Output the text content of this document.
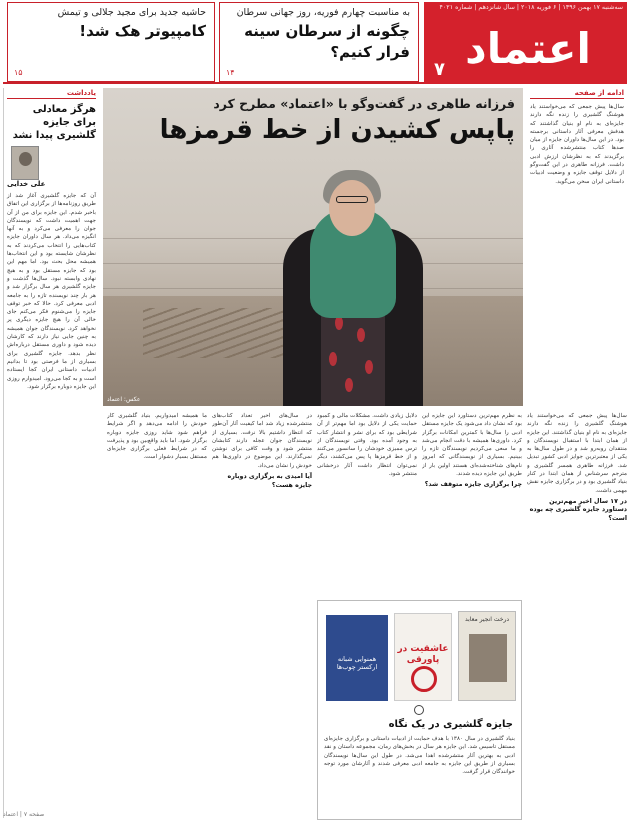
سه‌شنبه ۱۷ بهمن ۱۳۹۶ | ۶ فوریه ۲۰۱۸ | سال شانزدهم | شماره ۴۰۲۱
اعتماد
۷
به مناسبت چهارم فوریه، روز جهانی سرطان
چگونه از سرطان سینه فرار کنیم؟
۱۴
حاشیه جدید برای مجید جلالی و تیمش
کامپیوتر هک شد!
۱۵
یادداشت
هرگز معادلی برای جایزه گلشیری پیدا نشد
علی خدایی
آن که جایزه گلشیری آغاز شد از طریق روزنامه‌ها از برگزاری این اتفاق باخبر شدم. این جایزه برای من از آن جهت اهمیت داشت که نویسندگان جوان را معرفی می‌کرد و به آنها انگیزه می‌داد. هر سال داوران جایزه کتاب‌هایی را انتخاب می‌کردند که به نظرشان شایسته بود و این انتخاب‌ها همیشه محل بحث بود. اما مهم این بود که جایزه مستقل بود و به هیچ نهادی وابسته نبود. سال‌ها گذشت و جایزه گلشیری هر سال برگزار شد و هر بار چند نویسنده تازه را به جامعه ادبی معرفی کرد. حالا که خبر توقف جایزه را می‌شنوم فکر می‌کنم جای خالی آن را هیچ جایزه دیگری پر نخواهد کرد. نویسندگان جوان همیشه به چنین جایی نیاز دارند که کارشان دیده شود و داوری مستقل درباره‌اش نظر بدهد. جایزه گلشیری برای بسیاری از ما فرصتی بود تا بدانیم ادبیات داستانی ایران کجا ایستاده است و به کجا می‌رود. امیدوارم روزی این جایزه دوباره برگزار شود.
فرزانه طاهری در گفت‌وگو با «اعتماد» مطرح کرد
پاپس کشیدن از خط قرمزها
عکس: اعتماد
ادامه از صفحه
سال‌ها پیش جمعی که می‌خواستند یاد هوشنگ گلشیری را زنده نگه دارند جایزه‌ای به نام او بنیان گذاشتند که هدفش معرفی آثار داستانی برجسته بود. در این سال‌ها داوران جایزه از میان صدها کتاب منتشرشده آثاری را برگزیدند که به نظرشان ارزش ادبی داشت. فرزانه طاهری در این گفت‌وگو از دلایل توقف جایزه و وضعیت ادبیات داستانی ایران سخن می‌گوید.
سال‌ها پیش جمعی که می‌خواستند یاد هوشنگ گلشیری را زنده نگه دارند جایزه‌ای به نام او بنیان گذاشتند. این جایزه از همان ابتدا با استقبال نویسندگان و منتقدان روبه‌رو شد و در طول سال‌ها به یکی از معتبرترین جوایز ادبی کشور تبدیل شد. فرزانه طاهری همسر گلشیری و مترجم سرشناس از همان ابتدا در کنار بنیاد گلشیری بود و در برگزاری جایزه نقش مهمی داشت.
در ۱۷ سال اخیر مهم‌ترین دستاورد جایزه گلشیری چه بوده است؟
به نظرم مهم‌ترین دستاورد این جایزه این بود که نشان داد می‌شود یک جایزه مستقل ادبی را سال‌ها با کمترین امکانات برگزار کرد. داوری‌ها همیشه با دقت انجام می‌شد و ما سعی می‌کردیم نویسندگان تازه را ببینیم. بسیاری از نویسندگانی که امروز نام‌های شناخته‌شده‌ای هستند اولین بار از طریق این جایزه دیده شدند.
چرا برگزاری جایزه متوقف شد؟
دلایل زیادی داشت. مشکلات مالی و کمبود حمایت یکی از دلایل بود اما مهم‌تر از آن شرایطی بود که برای نشر و انتشار کتاب به وجود آمده بود. وقتی نویسندگان از ترس ممیزی خودشان را سانسور می‌کنند و از خط قرمزها پا پس می‌کشند، دیگر نمی‌توان انتظار داشت آثار درخشانی منتشر شود.
در سال‌های اخیر تعداد کتاب‌های منتشرشده زیاد شد اما کیفیت آثار آن‌طور که انتظار داشتیم بالا نرفت. بسیاری از نویسندگان جوان عجله دارند کتابشان منتشر شود و وقت کافی برای نوشتن نمی‌گذارند. این موضوع در داوری‌ها هم خودش را نشان می‌داد.
آیا امیدی به برگزاری دوباره جایزه هست؟
ما همیشه امیدواریم. بنیاد گلشیری کار خودش را ادامه می‌دهد و اگر شرایط فراهم شود شاید روزی جایزه دوباره برگزار شود. اما باید واقع‌بین بود و پذیرفت که در شرایط فعلی برگزاری جایزه‌ای مستقل بسیار دشوار است.
همنوایی شبانه ارکستر چوب‌ها
عاشقیت در پاورقی
درخت انجیر معابد
جایزه گلشیری در یک نگاه
بنیاد گلشیری در سال ۱۳۸۰ با هدف حمایت از ادبیات داستانی و برگزاری جایزه‌ای مستقل تاسیس شد. این جایزه هر سال در بخش‌های رمان، مجموعه داستان و نقد ادبی به بهترین آثار منتشرشده اهدا می‌شد. در طول این سال‌ها نویسندگان بسیاری از طریق این جایزه به جامعه ادبی معرفی شدند و آثارشان مورد توجه خوانندگان قرار گرفت.
صفحه ۷ | اعتماد
